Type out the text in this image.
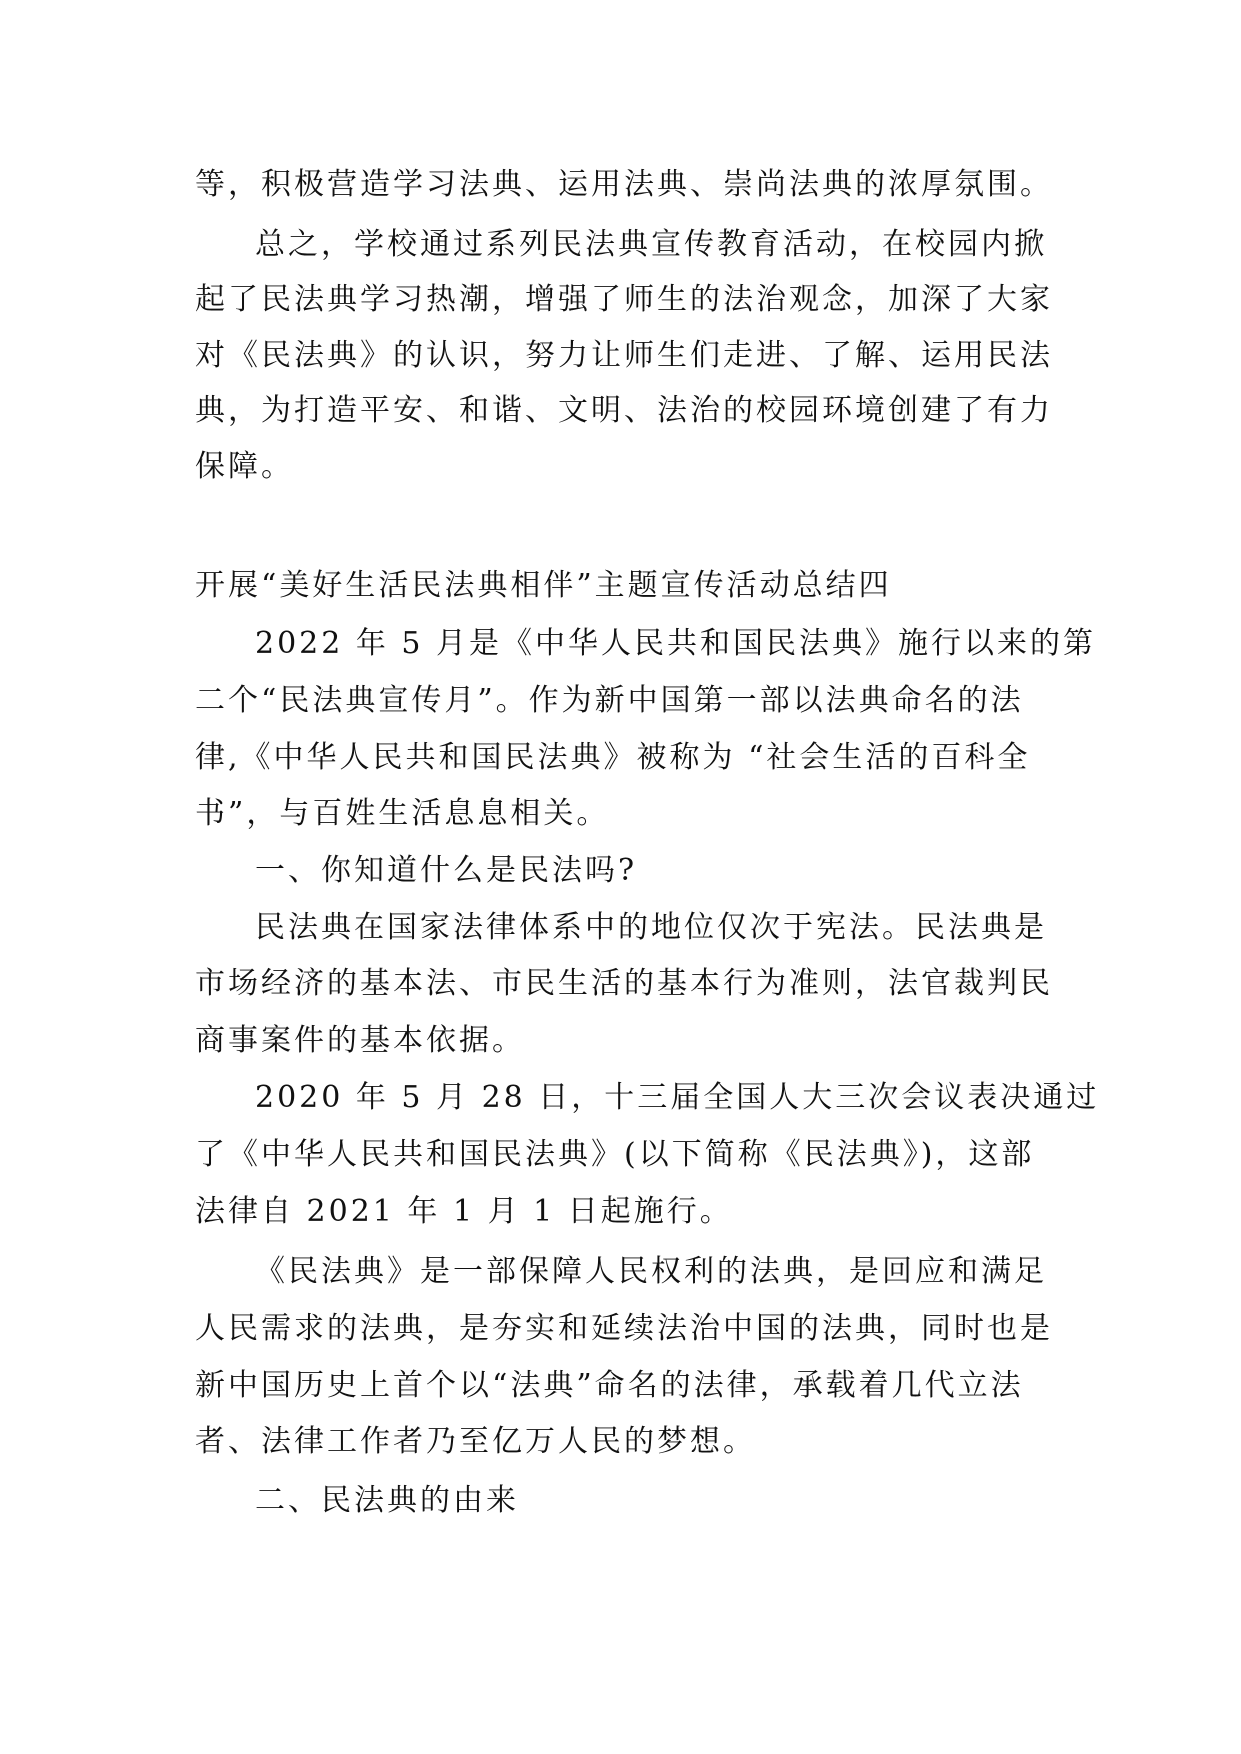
等，积极营造学习法典、运用法典、崇尚法典的浓厚氛围。

总之，学校通过系列民法典宣传教育活动，在校园内掀

起了民法典学习热潮，增强了师生的法治观念，加深了大家

对《民法典》的认识，努力让师生们走进、了解、运用民法

典，为打造平安、和谐、文明、法治的校园环境创建了有力

保障。

开展“美好生活民法典相伴”主题宣传活动总结四

2022 年 5 月是《中华人民共和国民法典》施行以来的第

二个“民法典宣传月”。作为新中国第一部以法典命名的法

律,《中华人民共和国民法典》被称为 “社会生活的百科全

书”，与百姓生活息息相关。

一、你知道什么是民法吗?

民法典在国家法律体系中的地位仅次于宪法。民法典是

市场经济的基本法、市民生活的基本行为准则，法官裁判民

商事案件的基本依据。

2020 年 5 月 28 日，十三届全国人大三次会议表决通过

了《中华人民共和国民法典》(以下简称《民法典》)，这部

法律自 2021 年 1 月 1 日起施行。

《民法典》是一部保障人民权利的法典，是回应和满足

人民需求的法典，是夯实和延续法治中国的法典，同时也是

新中国历史上首个以“法典”命名的法律，承载着几代立法

者、法律工作者乃至亿万人民的梦想。

二、民法典的由来
